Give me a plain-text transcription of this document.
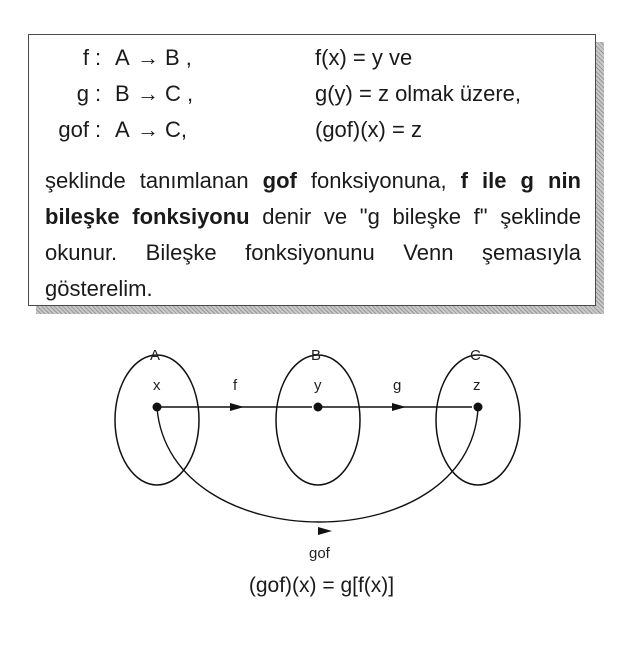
f : A → B ,	f(x) = y ve
g : B → C ,	g(y) = z olmak üzere,
gof : A → C,	(gof)(x) = z
şeklinde tanımlanan gof fonksiyonuna, f ile g nin bileşke fonksiyonu denir ve "g bileşke f" şeklinde okunur. Bileşke fonksiyonunu Venn şemasıyla gösterelim.
A	B	C
x	y	z
f	g
gof
(gof)(x) = g[f(x)]
